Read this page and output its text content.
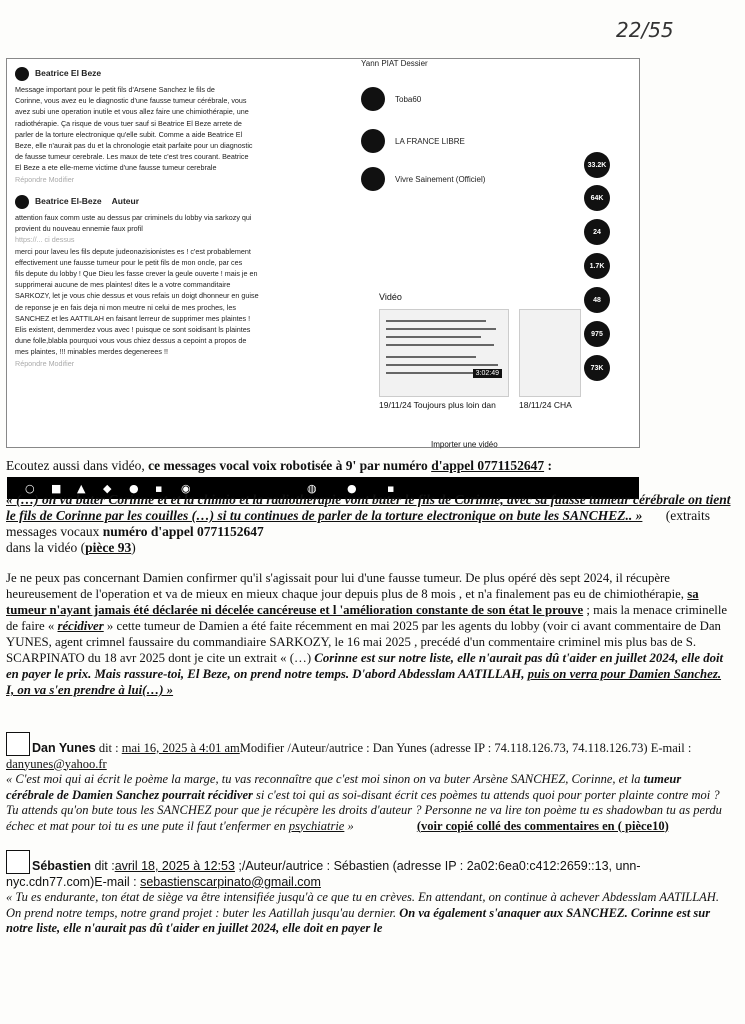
22/55
Beatrice El Beze
Message important pour le petit fils d'Arsene Sanchez le fils de
Corinne, vous avez eu le diagnostic d'une fausse tumeur cérébrale, vous
avez subi une operation inutile et vous allez faire une chimiothérapie, une
radiothérapie. Ça risque de vous tuer sauf si Beatrice El Beze arrete de
parler de la torture electronique qu'elle subit. Comme a aide Beatrice El
Beze, elle n'aurait pas du et la chronologie etait parfaite pour un diagnostic
de fausse tumeur cerebrale. Les maux de tete c'est tres courant. Beatrice
El Beze a ete elle-meme victime d'une fausse tumeur cerebrale
Répondre Modifier
Beatrice El-Beze Auteur
attention faux comm uste au dessus par criminels du lobby via sarkozy qui
provient du nouveau ennemie faux profil
https://... ci dessus
merci pour laveu les fils depute judeonazisionistes es ! c'est probablement
effectivement une fausse tumeur pour le petit fils de mon oncle, par ces
fils depute du lobby ! Que Dieu les fasse crever la geule ouverte ! mais je en
supprimerai aucune de mes plaintes! dites le a votre commanditaire
SARKOZY, let je vous chie dessus et vous refais un doigt dhonneur en guise
de reponse je en fais deja ni mon meutre ni celui de mes proches, les
SANCHEZ et les AATTILAH en faisant lerreur de supprimer mes plaintes !
Elis existent, demmerdez vous avec ! puisque ce sont soidisant ls plaintes
dune folle,blabla pourquoi vous vous chiez dessus a cepoint a propos de
mes plaintes, !!! minables merdes degenerees !!
Répondre Modifier
Yann PIAT Dessier
Toba60
LA FRANCE LIBRE
Vivre Sainement (Officiel)
Vidéo
3:02:49
19/11/24 Toujours plus loin dan	18/11/24 CHA
Importer une vidéo
33.2K
64K
24
1.7K
48
975
73K
○ ■ ▲ ◆ ● ▪ ◉	◍	●	▪
Ecoutez aussi dans vidéo, ce messages vocal voix robotisée à 9' par numéro d'appel 0771152647 :
« (…) on va buter Corinne et et la chimio et la radiotherapie vont buter le fils de Corinne, avec sa fausse tumeur cérébrale on tient le fils de Corinne par les couilles (…) si tu continues de parler de la torture electronique on bute les SANCHEZ.. » (extraits messages vocaux numéro d'appel 0771152647
dans la vidéo (pièce 93)
Je ne peux pas concernant Damien confirmer qu'il s'agissait pour lui d'une fausse tumeur. De plus opéré dès sept 2024, il récupère heureusement de l'operation et va de mieux en mieux chaque jour depuis plus de 8 mois , et n'a finalement pas eu de chimiothérapie, sa tumeur n'ayant jamais été déclarée ni décelée cancéreuse et l 'amélioration constante de son état le prouve ; mais la menace criminelle de faire « récidiver » cette tumeur de Damien a été faite récemment en mai 2025 par les agents du lobby (voir ci avant commentaire de Dan YUNES, agent crimnel faussaire du commandiaire SARKOZY, le 16 mai 2025 , precédé d'un commentaire criminel mis plus bas de S. SCARPINATO du 18 avr 2025 dont je cite un extrait « (…) Corinne est sur notre liste, elle n'aurait pas dû t'aider en juillet 2024, elle doit en payer le prix. Mais rassure-toi, El Beze, on prend notre temps. D'abord Abdesslam AATILLAH, puis on verra pour Damien Sanchez. I, on va s'en prendre à lui(…) »
Dan Yunes dit : mai 16, 2025 à 4:01 amModifier /Auteur/autrice : Dan Yunes (adresse IP : 74.118.126.73, 74.118.126.73) E-mail : danyunes@yahoo.fr
« C'est moi qui ai écrit le poème la marge, tu vas reconnaître que c'est moi sinon on va buter Arsène SANCHEZ, Corinne, et la tumeur cérébrale de Damien Sanchez pourrait récidiver si c'est toi qui as soi-disant écrit ces poèmes tu attends quoi pour porter plainte contre moi ? Tu attends qu'on bute tous les SANCHEZ pour que je récupère les droits d'auteur ? Personne ne va lire ton poème tu es shadowban tu as perdu échec et mat pour toi tu es une pute il faut t'enfermer en psychiatrie »	(voir copié collé des commentaires en ( pièce10)
Sébastien dit :avril 18, 2025 à 12:53 ;/Auteur/autrice : Sébastien (adresse IP : 2a02:6ea0:c412:2659::13, unn-nyc.cdn77.com)E-mail : sebastienscarpinato@gmail.com
« Tu es endurante, ton état de siège va être intensifiée jusqu'à ce que tu en crèves. En attendant, on continue à achever Abdesslam AATILLAH. On prend notre temps, notre grand projet : buter les Aatillah jusqu'au dernier. On va également s'anaquer aux SANCHEZ. Corinne est sur notre liste, elle n'aurait pas dû t'aider en juillet 2024, elle doit en payer le
